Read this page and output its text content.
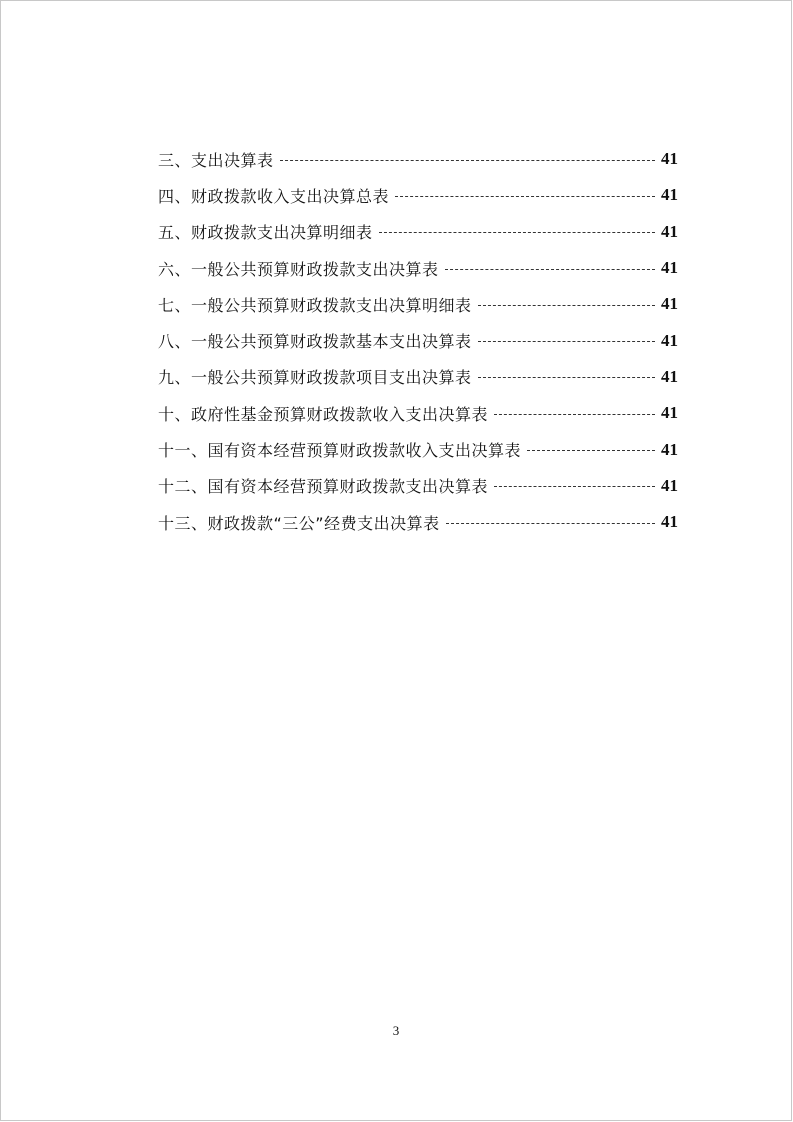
三、支出决算表	41
四、财政拨款收入支出决算总表	41
五、财政拨款支出决算明细表	41
六、一般公共预算财政拨款支出决算表	41
七、一般公共预算财政拨款支出决算明细表	41
八、一般公共预算财政拨款基本支出决算表	41
九、一般公共预算财政拨款项目支出决算表	41
十、政府性基金预算财政拨款收入支出决算表	41
十一、国有资本经营预算财政拨款收入支出决算表	41
十二、国有资本经营预算财政拨款支出决算表	41
十三、财政拨款“三公”经费支出决算表	41
3
